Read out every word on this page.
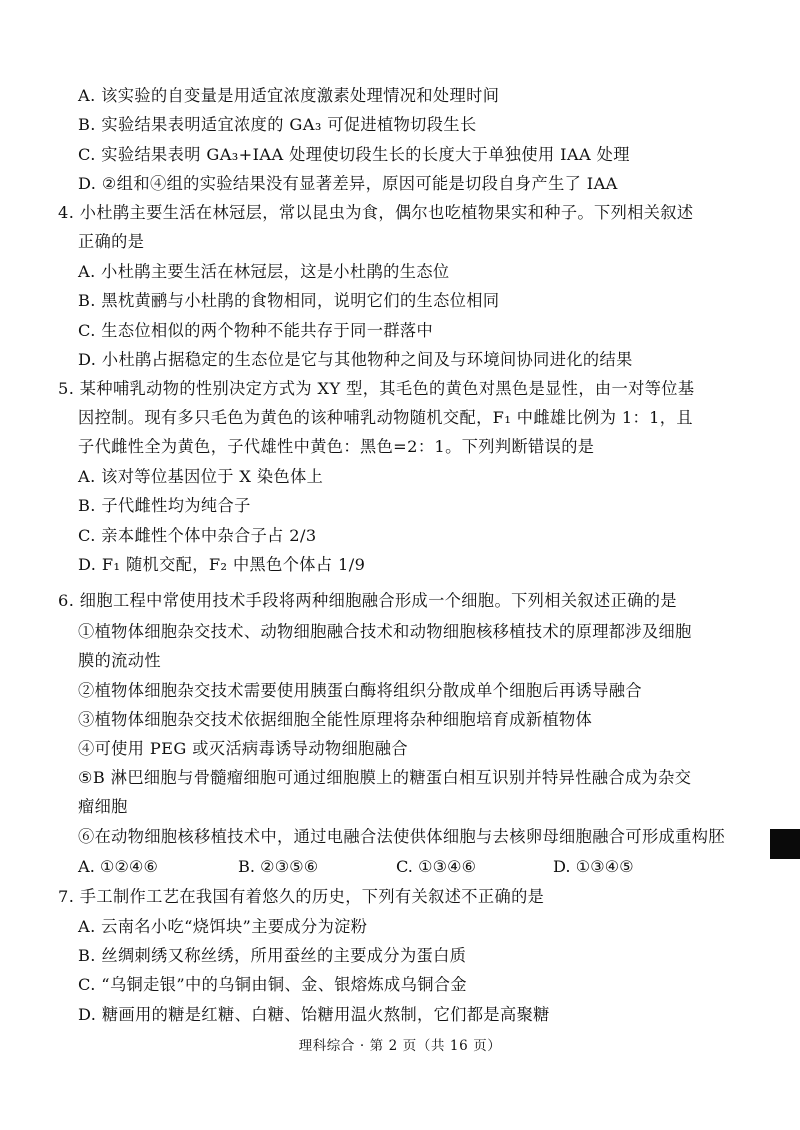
A. 该实验的自变量是用适宜浓度激素处理情况和处理时间
B. 实验结果表明适宜浓度的 GA₃ 可促进植物切段生长
C. 实验结果表明 GA₃+IAA 处理使切段生长的长度大于单独使用 IAA 处理
D. ②组和④组的实验结果没有显著差异，原因可能是切段自身产生了 IAA
4. 小杜鹃主要生活在林冠层，常以昆虫为食，偶尔也吃植物果实和种子。下列相关叙述
正确的是
A. 小杜鹃主要生活在林冠层，这是小杜鹃的生态位
B. 黑枕黄鹂与小杜鹃的食物相同，说明它们的生态位相同
C. 生态位相似的两个物种不能共存于同一群落中
D. 小杜鹃占据稳定的生态位是它与其他物种之间及与环境间协同进化的结果
5. 某种哺乳动物的性别决定方式为 XY 型，其毛色的黄色对黑色是显性，由一对等位基
因控制。现有多只毛色为黄色的该种哺乳动物随机交配，F₁ 中雌雄比例为 1：1，且
子代雌性全为黄色，子代雄性中黄色：黑色=2：1。下列判断错误的是
A. 该对等位基因位于 X 染色体上
B. 子代雌性均为纯合子
C. 亲本雌性个体中杂合子占 2/3
D. F₁ 随机交配，F₂ 中黑色个体占 1/9
6. 细胞工程中常使用技术手段将两种细胞融合形成一个细胞。下列相关叙述正确的是
①植物体细胞杂交技术、动物细胞融合技术和动物细胞核移植技术的原理都涉及细胞
膜的流动性
②植物体细胞杂交技术需要使用胰蛋白酶将组织分散成单个细胞后再诱导融合
③植物体细胞杂交技术依据细胞全能性原理将杂种细胞培育成新植物体
④可使用 PEG 或灭活病毒诱导动物细胞融合
⑤B 淋巴细胞与骨髓瘤细胞可通过细胞膜上的糖蛋白相互识别并特异性融合成为杂交
瘤细胞
⑥在动物细胞核移植技术中，通过电融合法使供体细胞与去核卵母细胞融合可形成重构胚
A. ①②④⑥	B. ②③⑤⑥	C. ①③④⑥	D. ①③④⑤
7. 手工制作工艺在我国有着悠久的历史，下列有关叙述不正确的是
A. 云南名小吃“烧饵块”主要成分为淀粉
B. 丝绸刺绣又称丝绣，所用蚕丝的主要成分为蛋白质
C. “乌铜走银”中的乌铜由铜、金、银熔炼成乌铜合金
D. 糖画用的糖是红糖、白糖、饴糖用温火熬制，它们都是高聚糖
理科综合 · 第 2 页（共 16 页）
